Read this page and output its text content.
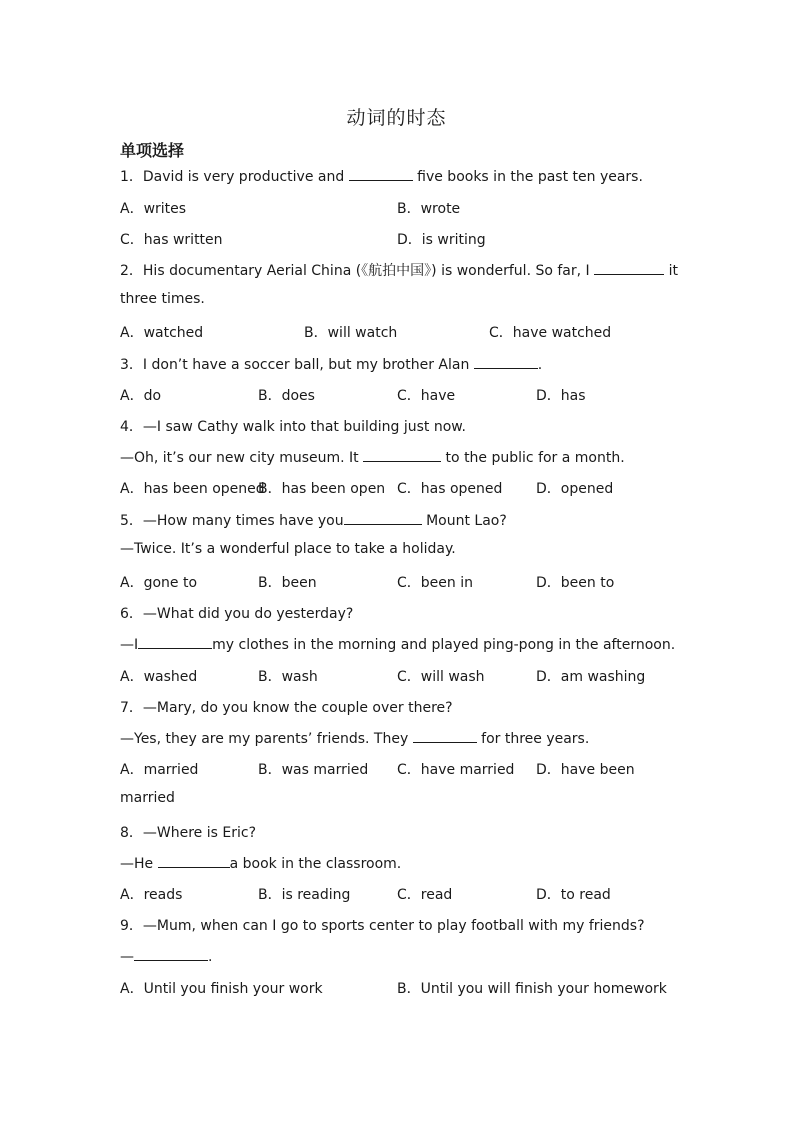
动词的时态
单项选择
1．David is very productive and	five books in the past ten years.
A．writes	B．wrote
C．has written	D．is writing
2．His documentary Aerial China (《航拍中国》) is wonderful. So far, I	it
three times.
A．watched	B．will watch	C．have watched
3．I don’t have a soccer ball, but my brother Alan	.
A．do	B．does	C．have	D．has
4．—I saw Cathy walk into that building just now.
—Oh, it’s our new city museum. It	to the public for a month.
A．has been opened
B．has been open C．has opened D．opened
5．—How many times have you	Mount Lao?
—Twice. It’s a wonderful place to take a holiday.
A．gone to	B．been	C．been in	D．been to
6．—What did you do yesterday?
—I	my clothes in the morning and played ping-pong in the afternoon.
A．washed	B．wash	C．will wash	D．am washing
7．—Mary, do you know the couple over there?
—Yes, they are my parents’ friends. They	for three years.
A．married	B．was married C．have married D．have been
married
8．—Where is Eric?
—He	a book in the classroom.
A．reads	B．is reading	C．read	D．to read
9．—Mum, when can I go to sports center to play football with my friends?
—	.
A．Until you finish your work	B．Until you will finish your homework
